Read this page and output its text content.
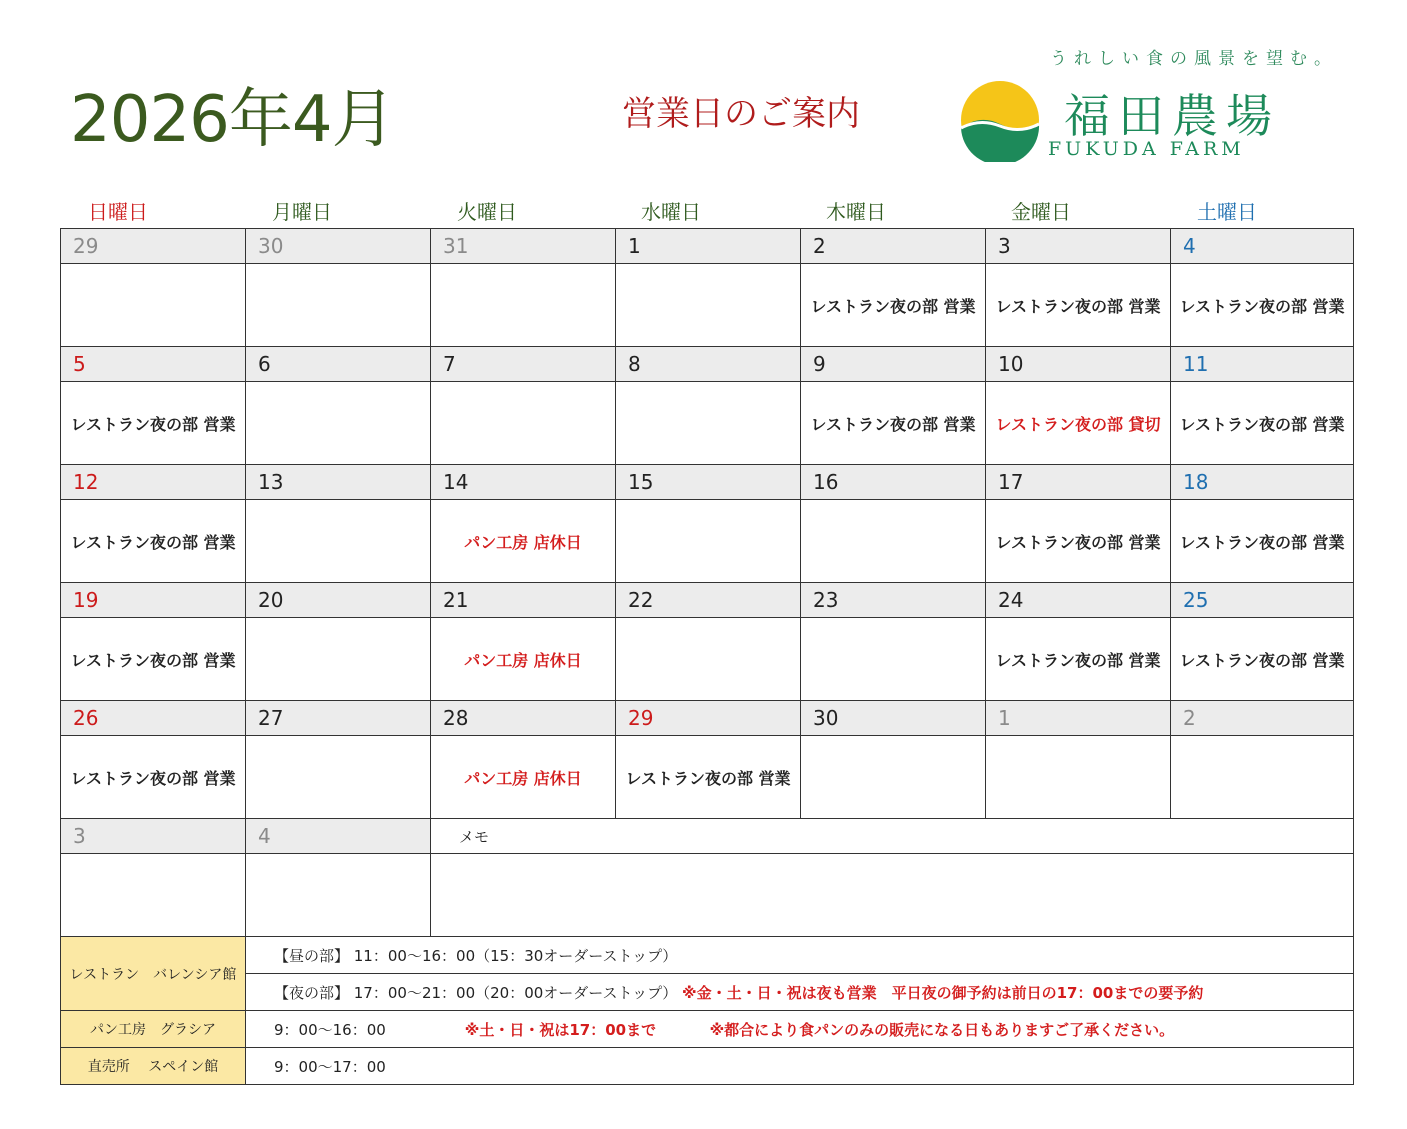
2026年4月	営業日のご案内
うれしい食の風景を望む。
福田農場
FUKUDA FARM
日曜日	月曜日	火曜日	水曜日	木曜日	金曜日	土曜日
29	30	31	1	2	3	4
				レストラン夜の部 営業	レストラン夜の部 営業	レストラン夜の部 営業
5	6	7	8	9	10	11
レストラン夜の部 営業				レストラン夜の部 営業	レストラン夜の部 貸切	レストラン夜の部 営業
12	13	14	15	16	17	18
レストラン夜の部 営業		パン工房 店休日			レストラン夜の部 営業	レストラン夜の部 営業
19	20	21	22	23	24	25
レストラン夜の部 営業		パン工房 店休日			レストラン夜の部 営業	レストラン夜の部 営業
26	27	28	29	30	1	2
レストラン夜の部 営業		パン工房 店休日	レストラン夜の部 営業			
3	4	メモ				

レストラン　バレンシア館	【昼の部】 11：00～16：00（15：30オーダーストップ）
	【夜の部】 17：00～21：00（20：00オーダーストップ） ※金・土・日・祝は夜も営業　平日夜の御予約は前日の17：00までの要予約
パン工房　グラシア	9：00～16：00 ※土・日・祝は17：00まで ※都合により食パンのみの販売になる日もありますご了承ください。
直売所　 スペイン館	9：00～17：00
